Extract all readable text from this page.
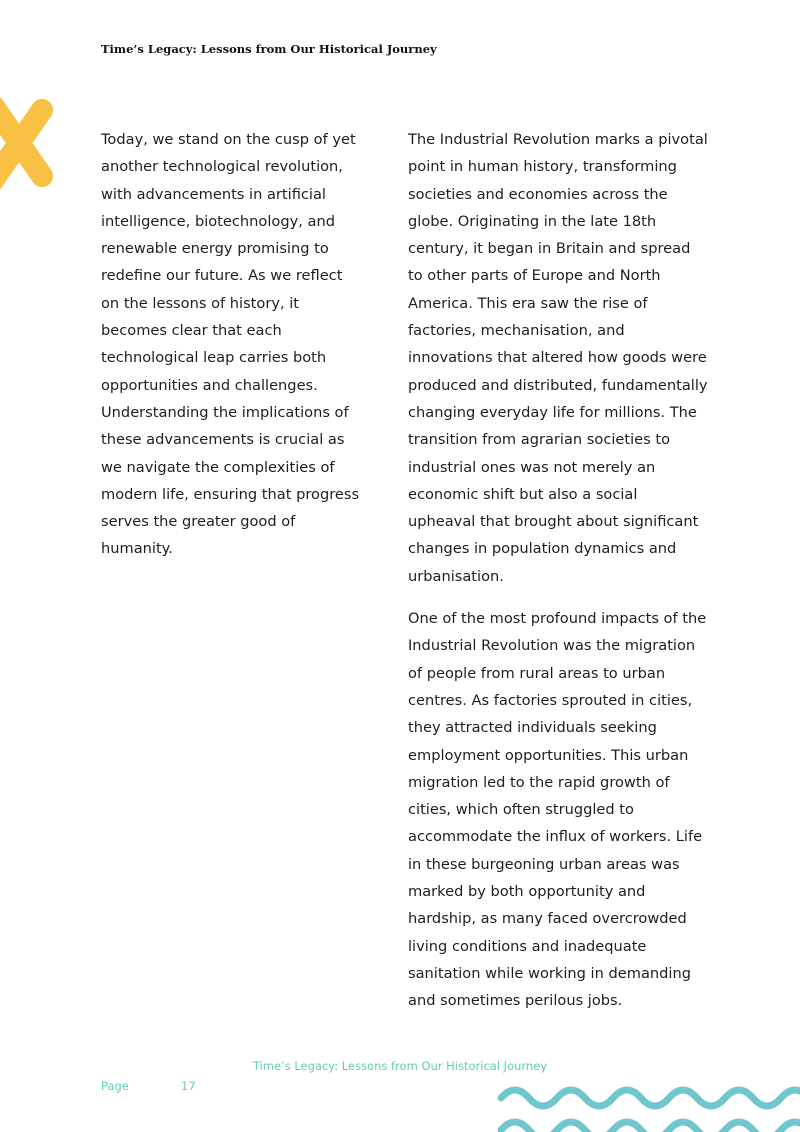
Time’s Legacy: Lessons from Our Historical Journey

Today, we stand on the cusp of yet another technological revolution, with advancements in artificial intelligence, biotechnology, and renewable energy promising to redefine our future. As we reflect on the lessons of history, it becomes clear that each technological leap carries both opportunities and challenges. Understanding the implications of these advancements is crucial as we navigate the complexities of modern life, ensuring that progress serves the greater good of humanity.

The Industrial Revolution marks a pivotal point in human history, transforming societies and economies across the globe. Originating in the late 18th century, it began in Britain and spread to other parts of Europe and North America. This era saw the rise of factories, mechanisation, and innovations that altered how goods were produced and distributed, fundamentally changing everyday life for millions. The transition from agrarian societies to industrial ones was not merely an economic shift but also a social upheaval that brought about significant changes in population dynamics and urbanisation.

One of the most profound impacts of the Industrial Revolution was the migration of people from rural areas to urban centres. As factories sprouted in cities, they attracted individuals seeking employment opportunities. This urban migration led to the rapid growth of cities, which often struggled to accommodate the influx of workers. Life in these burgeoning urban areas was marked by both opportunity and hardship, as many faced overcrowded living conditions and inadequate sanitation while working in demanding and sometimes perilous jobs.

Time’s Legacy: Lessons from Our Historical Journey
Page	17
